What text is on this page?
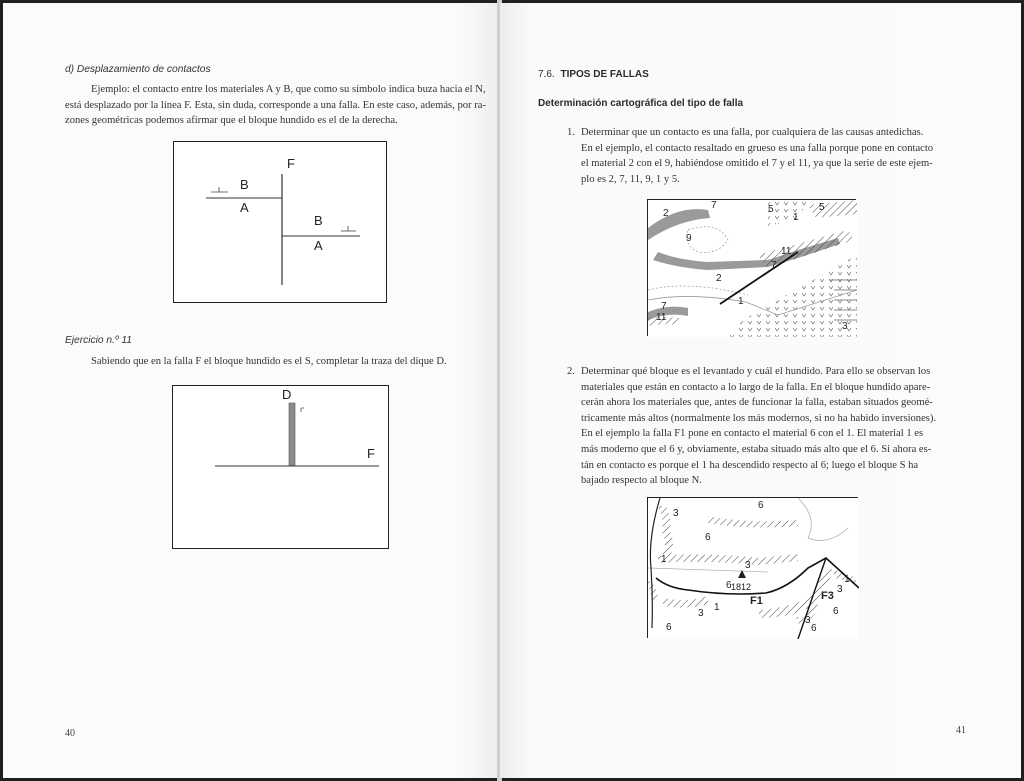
d) Desplazamiento de contactos
Ejemplo: el contacto entre los materiales A y B, que como su símbolo indica buza hacia el N,
está desplazado por la línea F. Esta, sin duda, corresponde a una falla. En este caso, además, por ra-
zones geométricas podemos afirmar que el bloque hundido es el de la derecha.
F
B
A
B
A
Ejercicio n.º 11
Sabiendo que en la falla F el bloque hundido es el S, completar la traza del dique D.
D
F
40
7.6. TIPOS DE FALLAS
Determinación cartográfica del tipo de falla
1. Determinar que un contacto es una falla, por cualquiera de las causas antedichas.
En el ejemplo, el contacto resaltado en grueso es una falla porque pone en contacto
el material 2 con el 9, habiéndose omitido el 7 y el 11, ya que la serie de este ejem-
plo es 2, 7, 11, 9, 1 y 5.
2
7	5
1
5
9
11
7
2
1
7
11
3
2. Determinar qué bloque es el levantado y cuál el hundido. Para ello se observan los
materiales que están en contacto a lo largo de la falla. En el bloque hundido apare-
cerán ahora los materiales que, antes de funcionar la falla, estaban situados geomé-
tricamente más altos (normalmente los más modernos, si no ha habido inversiones).
En el ejemplo la falla F1 pone en contacto el material 6 con el 1. El material 1 es
más moderno que el 6 y, obviamente, estaba situado más alto que el 6. Si ahora es-
tán en contacto es porque el 1 ha descendido respecto al 6; luego el bloque S ha
bajado respecto al bloque N.
6
3
6
1
3
6 1812
F1
1
3
F3
1
3
6
6
3
6
41
